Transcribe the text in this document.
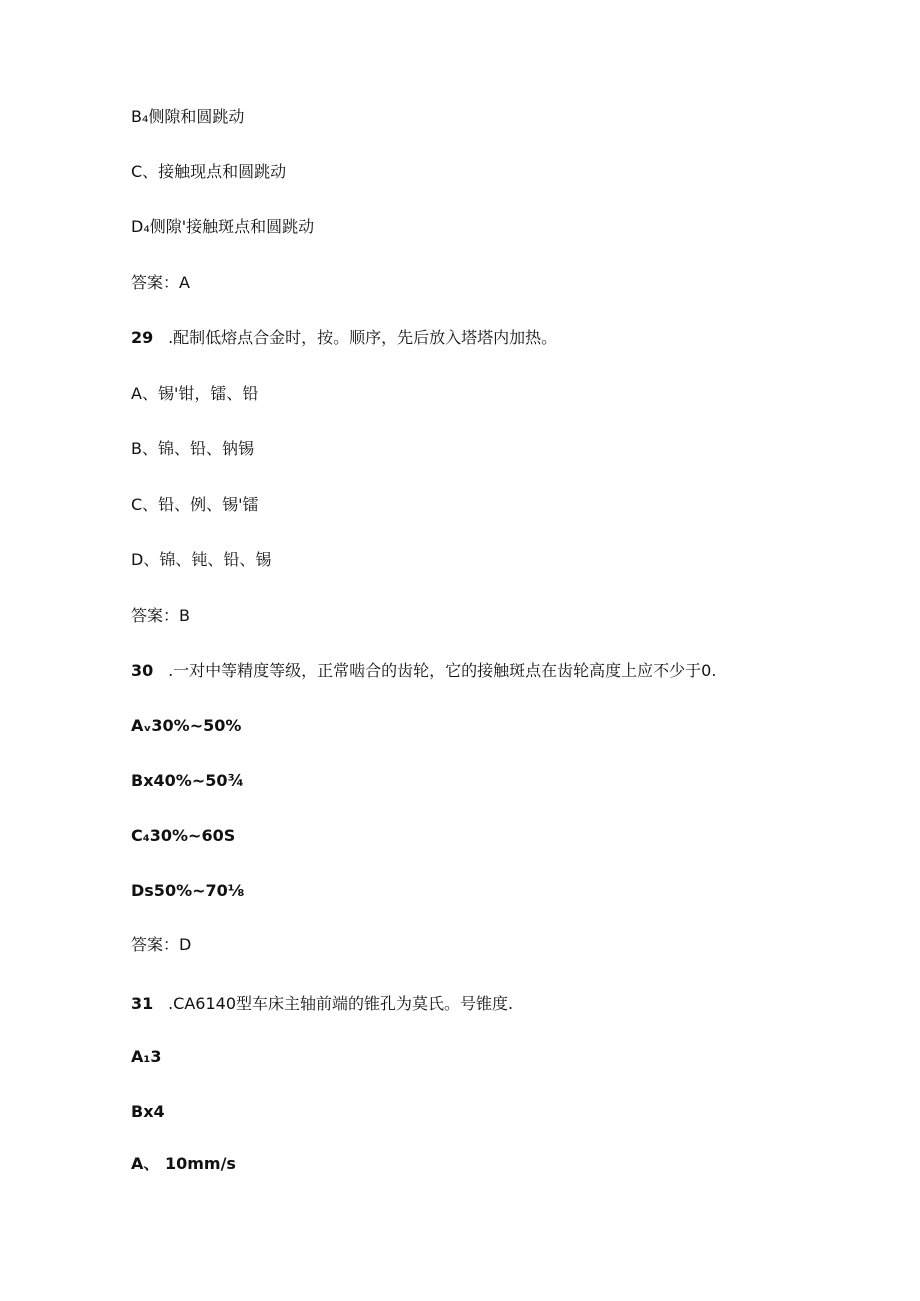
B₄侧隙和圆跳动
C、接触现点和圆跳动
D₄侧隙'接触斑点和圆跳动
答案：A
29 .配制低熔点合金时，按。顺序，先后放入塔塔内加热。
A、锡'钳，镭、铅
B、锦、铅、钠锡
C、铅、例、锡'镭
D、锦、钝、铅、锡
答案：B
30 .一对中等精度等级，正常啮合的齿轮，它的接触斑点在齿轮高度上应不少于0.
Aᵥ30%~50%
Bx40%~50¾
C₄30%~60S
Ds50%~70⅛
答案：D
31 .CA6140型车床主轴前端的锥孔为莫氏。号锥度.
A₁3
Bx4
A、 10mm/s
